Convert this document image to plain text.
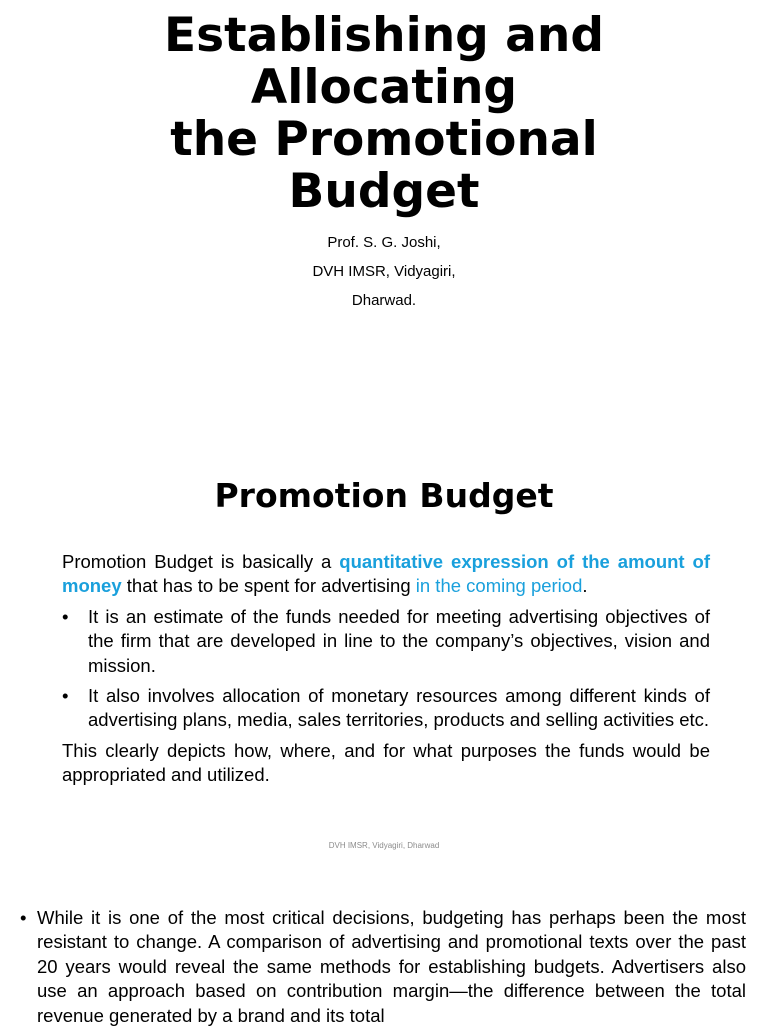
Establishing and
Allocating
the Promotional
Budget
Prof. S. G. Joshi,
DVH IMSR, Vidyagiri,
Dharwad.
Promotion Budget

Promotion Budget is basically a quantitative expression of the amount of money that has to be spent for advertising in the coming period.

•	It is an estimate of the funds needed for meeting advertising objectives of the firm that are developed in line to the company’s objectives, vision and mission.
•	It also involves allocation of monetary resources among different kinds of advertising plans, media, sales territories, products and selling activities etc.

This clearly depicts how, where, and for what purposes the funds would be appropriated and utilized.

DVH IMSR, Vidyagiri, Dharwad
• While it is one of the most critical decisions, budgeting has perhaps been the most resistant to change. A comparison of advertising and promotional texts over the past 20 years would reveal the same methods for establishing budgets. Advertisers also use an approach based on contribution margin—the difference between the total revenue generated by a brand and its total
